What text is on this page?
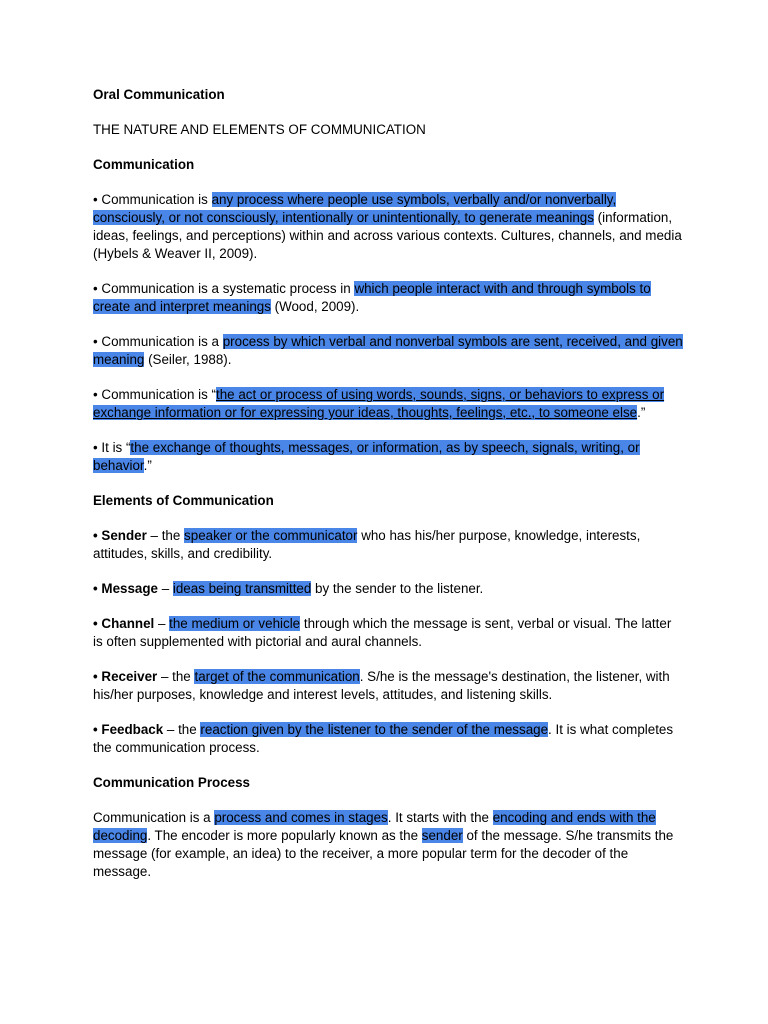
Oral Communication

THE NATURE AND ELEMENTS OF COMMUNICATION

Communication

• Communication is any process where people use symbols, verbally and/or nonverbally, consciously, or not consciously, intentionally or unintentionally, to generate meanings (information, ideas, feelings, and perceptions) within and across various contexts. Cultures, channels, and media (Hybels & Weaver II, 2009).

• Communication is a systematic process in which people interact with and through symbols to create and interpret meanings (Wood, 2009).

• Communication is a process by which verbal and nonverbal symbols are sent, received, and given meaning (Seiler, 1988).

• Communication is “the act or process of using words, sounds, signs, or behaviors to express or exchange information or for expressing your ideas, thoughts, feelings, etc., to someone else.”

• It is “the exchange of thoughts, messages, or information, as by speech, signals, writing, or behavior.”

Elements of Communication

• Sender – the speaker or the communicator who has his/her purpose, knowledge, interests, attitudes, skills, and credibility.

• Message – ideas being transmitted by the sender to the listener.

• Channel – the medium or vehicle through which the message is sent, verbal or visual. The latter is often supplemented with pictorial and aural channels.

• Receiver – the target of the communication. S/he is the message's destination, the listener, with his/her purposes, knowledge and interest levels, attitudes, and listening skills.

• Feedback – the reaction given by the listener to the sender of the message. It is what completes the communication process.

Communication Process

Communication is a process and comes in stages. It starts with the encoding and ends with the decoding. The encoder is more popularly known as the sender of the message. S/he transmits the message (for example, an idea) to the receiver, a more popular term for the decoder of the message.
